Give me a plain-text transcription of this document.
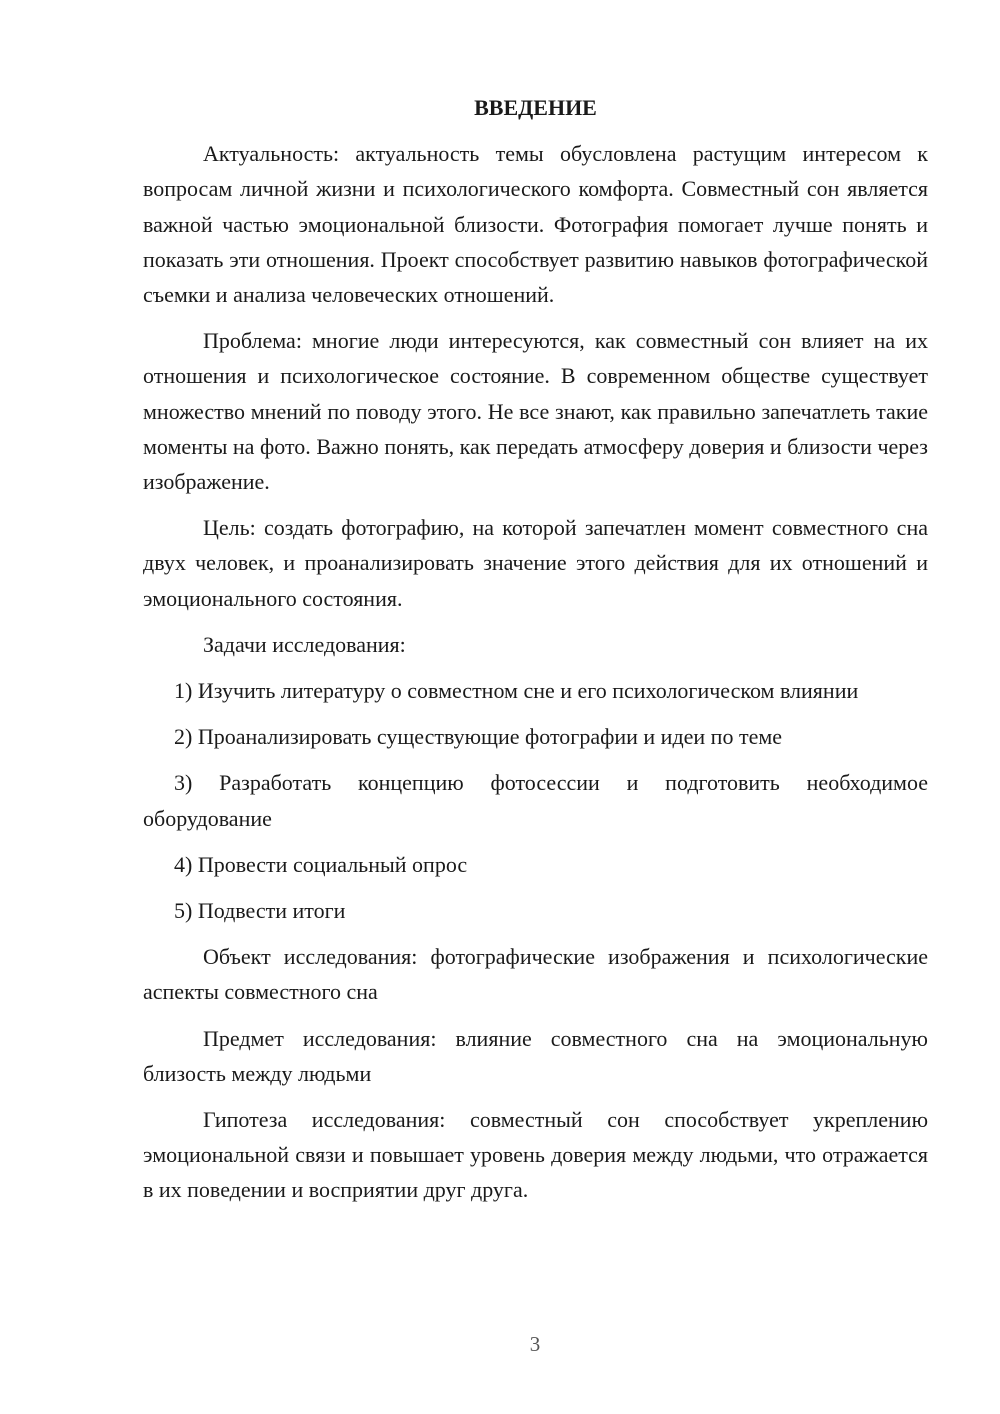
ВВЕДЕНИЕ

Актуальность: актуальность темы обусловлена растущим интересом к вопросам личной жизни и психологического комфорта. Совместный сон является важной частью эмоциональной близости. Фотография помогает лучше понять и показать эти отношения. Проект способствует развитию навыков фотографической съемки и анализа человеческих отношений.

Проблема: многие люди интересуются, как совместный сон влияет на их отношения и психологическое состояние. В современном обществе существует множество мнений по поводу этого. Не все знают, как правильно запечатлеть такие моменты на фото. Важно понять, как передать атмосферу доверия и близости через изображение.

Цель: создать фотографию, на которой запечатлен момент совместного сна двух человек, и проанализировать значение этого действия для их отношений и эмоционального состояния.

Задачи исследования:

1) Изучить литературу о совместном сне и его психологическом влиянии

2) Проанализировать существующие фотографии и идеи по теме

3) Разработать концепцию фотосессии и подготовить необходимое оборудование

4) Провести социальный опрос

5) Подвести итоги

Объект исследования: фотографические изображения и психологические аспекты совместного сна

Предмет исследования: влияние совместного сна на эмоциональную близость между людьми

Гипотеза исследования: совместный сон способствует укреплению эмоциональной связи и повышает уровень доверия между людьми, что отражается в их поведении и восприятии друг друга.

3
